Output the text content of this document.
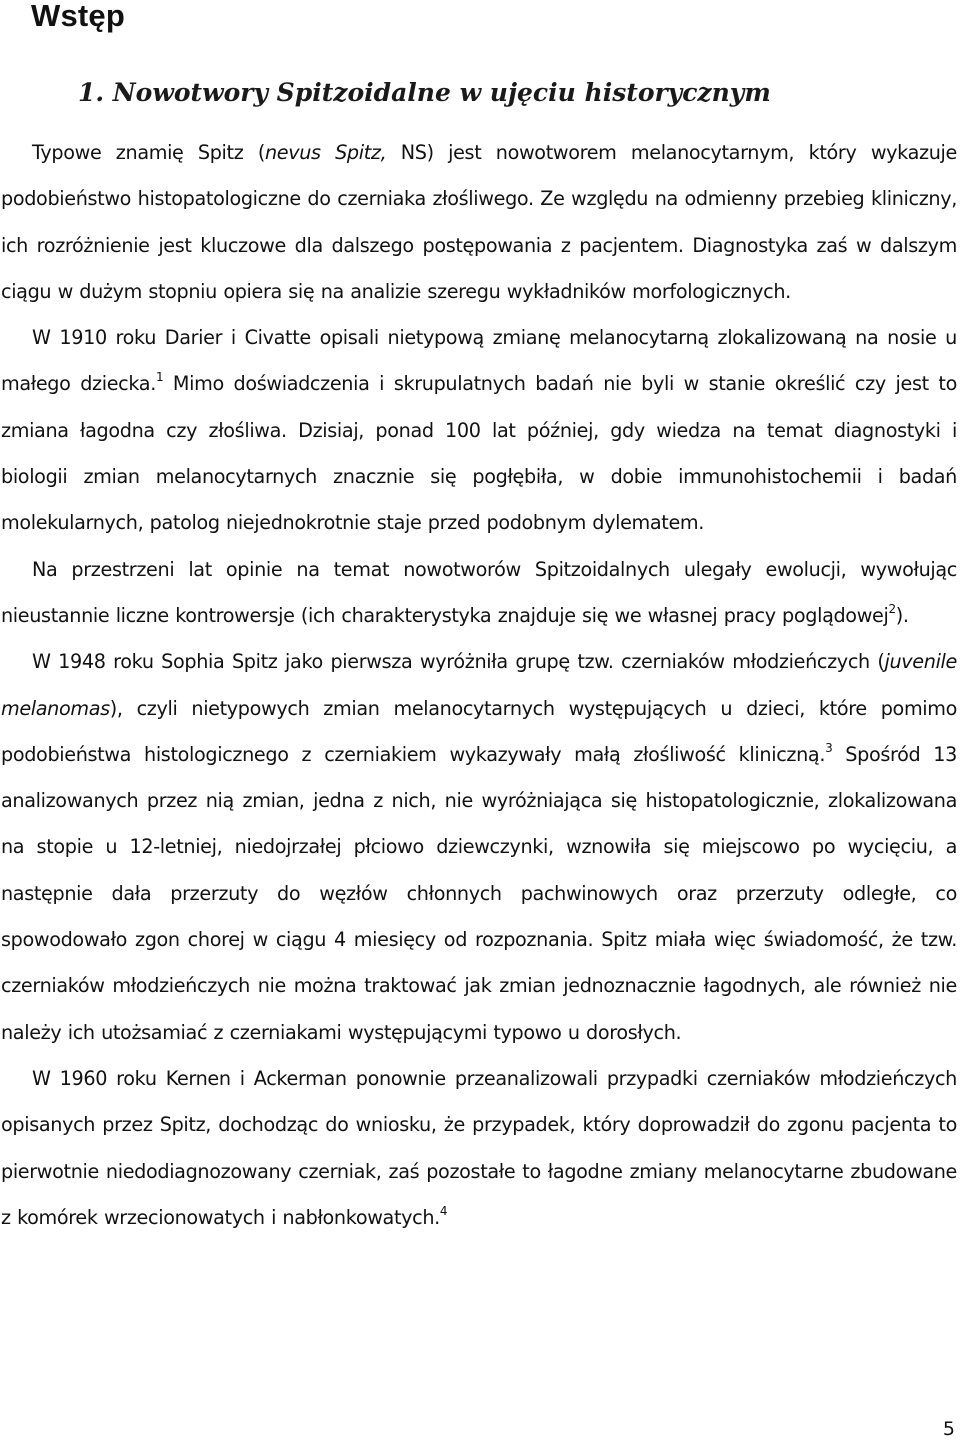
Wstęp
1. Nowotwory Spitzoidalne w ujęciu historycznym

Typowe znamię Spitz (nevus Spitz, NS) jest nowotworem melanocytarnym, który wykazuje podobieństwo histopatologiczne do czerniaka złośliwego. Ze względu na odmienny przebieg kliniczny, ich rozróżnienie jest kluczowe dla dalszego postępowania z pacjentem. Diagnostyka zaś w dalszym ciągu w dużym stopniu opiera się na analizie szeregu wykładników morfologicznych.

W 1910 roku Darier i Civatte opisali nietypową zmianę melanocytarną zlokalizowaną na nosie u małego dziecka.$^1$ Mimo doświadczenia i skrupulatnych badań nie byli w stanie określić czy jest to zmiana łagodna czy złośliwa. Dzisiaj, ponad 100 lat później, gdy wiedza na temat diagnostyki i biologii zmian melanocytarnych znacznie się pogłębiła, w dobie immunohistochemii i badań molekularnych, patolog niejednokrotnie staje przed podobnym dylematem.

Na przestrzeni lat opinie na temat nowotworów Spitzoidalnych ulegały ewolucji, wywołując nieustannie liczne kontrowersje (ich charakterystyka znajduje się we własnej pracy poglądowej$^2$).

W 1948 roku Sophia Spitz jako pierwsza wyróżniła grupę tzw. czerniaków młodzieńczych (juvenile melanomas), czyli nietypowych zmian melanocytarnych występujących u dzieci, które pomimo podobieństwa histologicznego z czerniakiem wykazywały małą złośliwość kliniczną.$^3$ Spośród 13 analizowanych przez nią zmian, jedna z nich, nie wyróżniająca się histopatologicznie, zlokalizowana na stopie u 12-letniej, niedojrzałej płciowo dziewczynki, wznowiła się miejscowo po wycięciu, a następnie dała przerzuty do węzłów chłonnych pachwinowych oraz przerzuty odległe, co spowodowało zgon chorej w ciągu 4 miesięcy od rozpoznania. Spitz miała więc świadomość, że tzw. czerniaków młodzieńczych nie można traktować jak zmian jednoznacznie łagodnych, ale również nie należy ich utożsamiać z czerniakami występującymi typowo u dorosłych.

W 1960 roku Kernen i Ackerman ponownie przeanalizowali przypadki czerniaków młodzieńczych opisanych przez Spitz, dochodząc do wniosku, że przypadek, który doprowadził do zgonu pacjenta to pierwotnie niedodiagnozowany czerniak, zaś pozostałe to łagodne zmiany melanocytarne zbudowane z komórek wrzecionowatych i nabłonkowatych.$^4$

5
